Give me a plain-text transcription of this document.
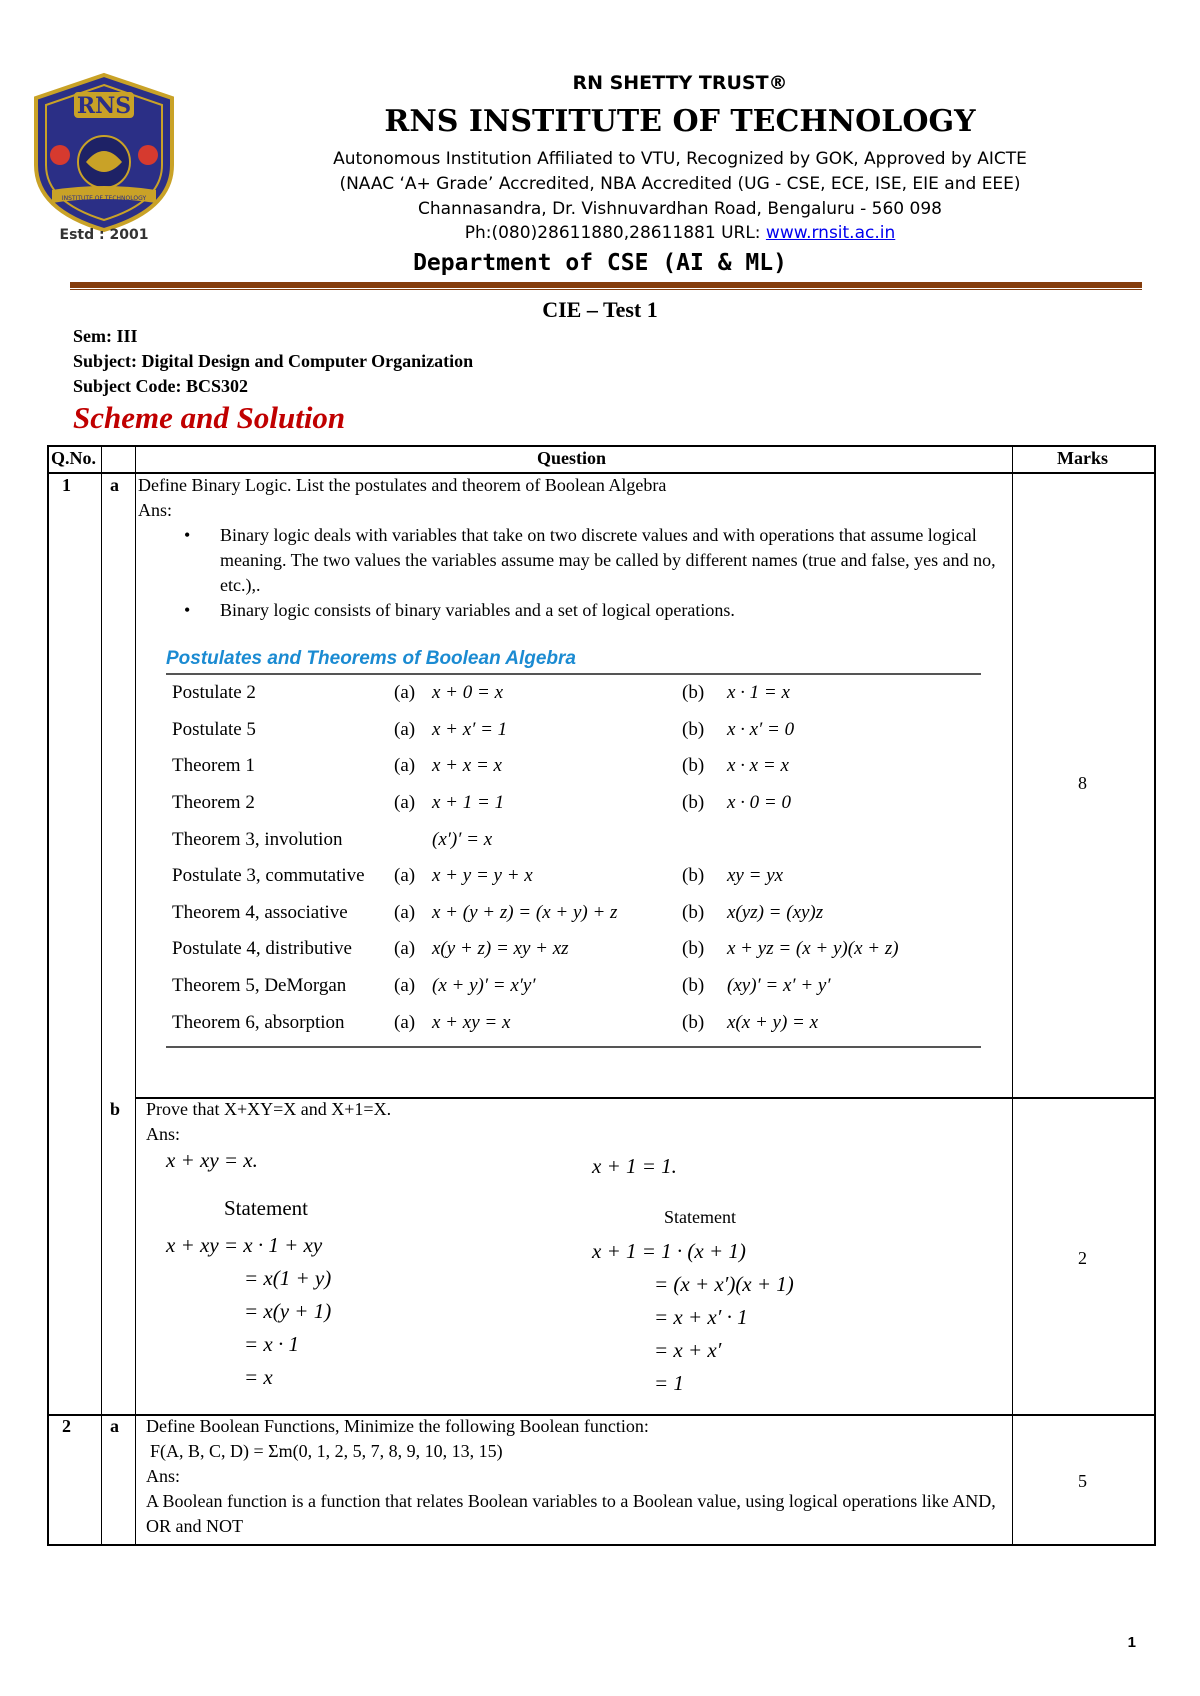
RNS
INSTITUTE OF TECHNOLOGY
Estd : 2001
RN SHETTY TRUST®
RNS INSTITUTE OF TECHNOLOGY
Autonomous Institution Affiliated to VTU, Recognized by GOK, Approved by AICTE
(NAAC ‘A+ Grade’ Accredited, NBA Accredited (UG - CSE, ECE, ISE, EIE and EEE)
Channasandra, Dr. Vishnuvardhan Road, Bengaluru - 560 098
Ph:(080)28611880,28611881 URL: www.rnsit.ac.in
Department of CSE (AI & ML)
CIE – Test 1
Sem: III
Subject: Digital Design and Computer Organization
Subject Code: BCS302
Scheme and Solution
Q.No.	Question	Marks
1 a Define Binary Logic. List the postulates and theorem of Boolean Algebra
Ans:
• Binary logic deals with variables that take on two discrete values and with operations that assume logical meaning. The two values the variables assume may be called by different names (true and false, yes and no, etc.),.
• Binary logic consists of binary variables and a set of logical operations.
8
Postulates and Theorems of Boolean Algebra
Postulate 2	(a)	x + 0 = x	(b)	x · 1 = x
Postulate 5	(a)	x + x′ = 1	(b)	x · x′ = 0
Theorem 1	(a)	x + x = x	(b)	x · x = x
Theorem 2	(a)	x + 1 = 1	(b)	x · 0 = 0
Theorem 3, involution		(x′)′ = x		
Postulate 3, commutative	(a)	x + y = y + x	(b)	xy = yx
Theorem 4, associative	(a)	x + (y + z) = (x + y) + z	(b)	x(yz) = (xy)z
Postulate 4, distributive	(a)	x(y + z) = xy + xz	(b)	x + yz = (x + y)(x + z)
Theorem 5, DeMorgan	(a)	(x + y)′ = x′y′	(b)	(xy)′ = x′ + y′
Theorem 6, absorption	(a)	x + xy = x	(b)	x(x + y) = x
b Prove that X+XY=X and X+1=X.
Ans:
2
x + xy = x.
Statement
x + xy = x · 1 + xy
= x(1 + y)
= x(y + 1)
= x · 1
= x
x + 1 = 1.
Statement
x + 1 = 1 · (x + 1)
= (x + x′)(x + 1)
= x + x′ · 1
= x + x′
= 1
2 a Define Boolean Functions, Minimize the following Boolean function:
F(A, B, C, D) = Σm(0, 1, 2, 5, 7, 8, 9, 10, 13, 15)
Ans:
A Boolean function is a function that relates Boolean variables to a Boolean value, using logical operations like AND, OR and NOT
5
1
